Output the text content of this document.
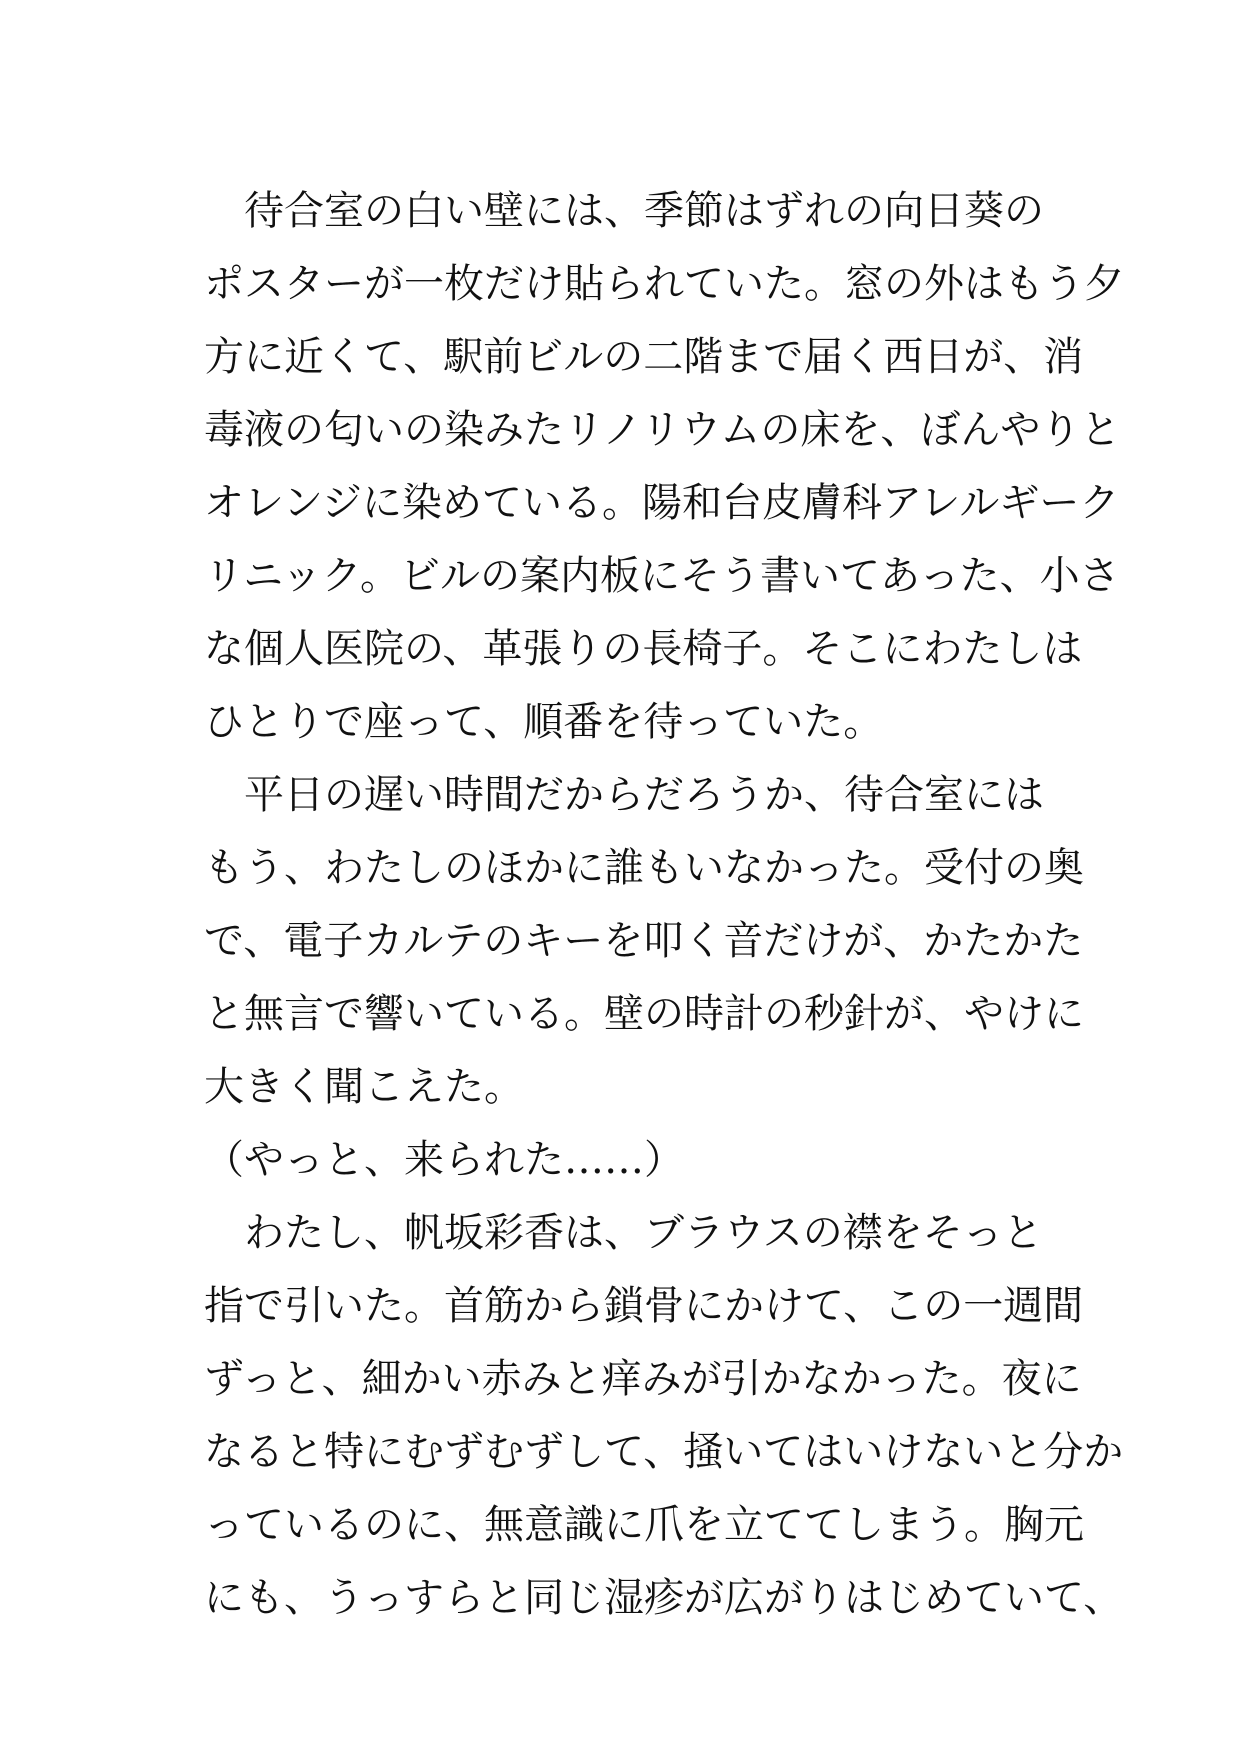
　待合室の白い壁には、季節はずれの向日葵の
ポスターが一枚だけ貼られていた。窓の外はもう夕
方に近くて、駅前ビルの二階まで届く西日が、消
毒液の匂いの染みたリノリウムの床を、ぼんやりと
オレンジに染めている。陽和台皮膚科アレルギーク
リニック。ビルの案内板にそう書いてあった、小さ
な個人医院の、革張りの長椅子。そこにわたしは
ひとりで座って、順番を待っていた。
　平日の遅い時間だからだろうか、待合室には
もう、わたしのほかに誰もいなかった。受付の奥
で、電子カルテのキーを叩く音だけが、かたかた
と無言で響いている。壁の時計の秒針が、やけに
大きく聞こえた。
（やっと、来られた……）
　わたし、帆坂彩香は、ブラウスの襟をそっと
指で引いた。首筋から鎖骨にかけて、この一週間
ずっと、細かい赤みと痒みが引かなかった。夜に
なると特にむずむずして、掻いてはいけないと分か
っているのに、無意識に爪を立ててしまう。胸元
にも、うっすらと同じ湿疹が広がりはじめていて、
